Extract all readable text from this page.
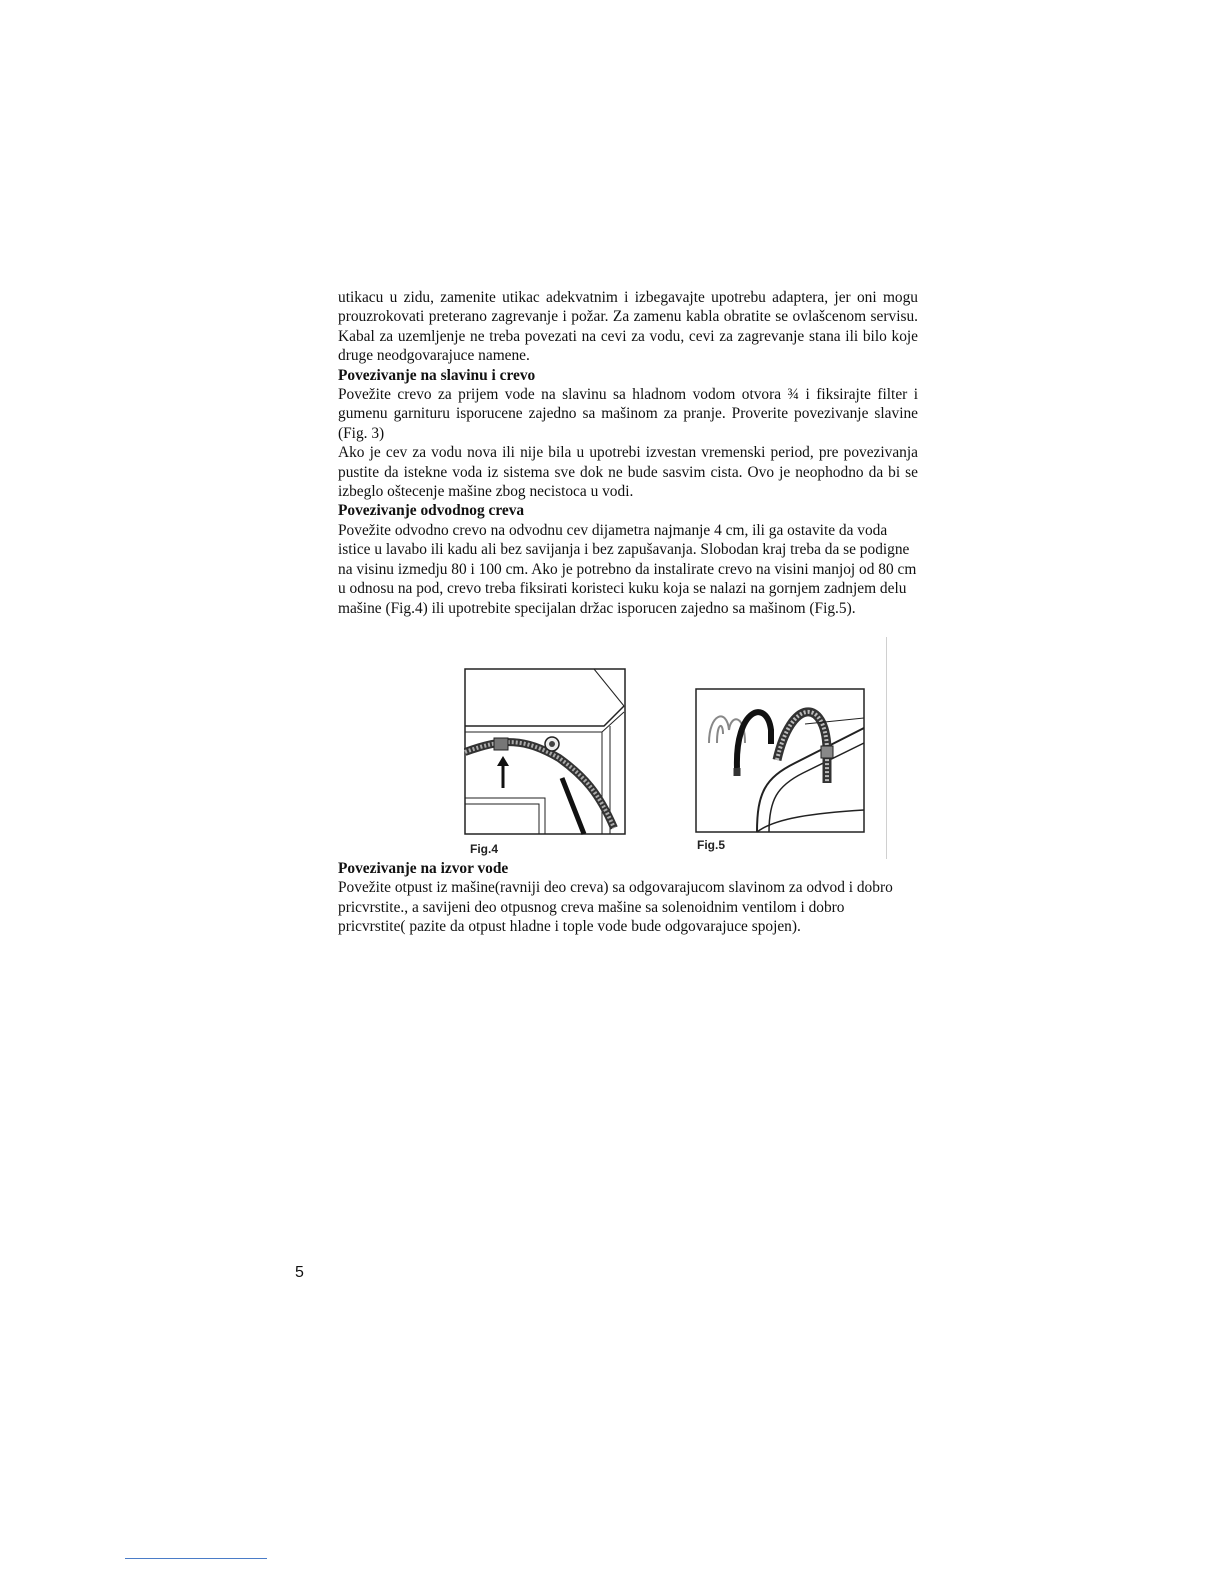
utikacu u zidu, zamenite utikac adekvatnim i izbegavajte upotrebu adaptera, jer oni mogu prouzrokovati preterano zagrevanje i požar. Za zamenu kabla obratite se ovlašcenom servisu. Kabal za uzemljenje ne treba povezati na cevi za vodu, cevi za zagrevanje stana ili bilo koje druge neodgovarajuce namene.

Povezivanje na slavinu i crevo

Povežite crevo za prijem vode na slavinu sa hladnom vodom otvora ¾ i fiksirajte filter i gumenu garnituru isporucene zajedno sa mašinom za pranje. Proverite povezivanje slavine (Fig. 3)

Ako je cev za vodu nova ili nije bila u upotrebi izvestan vremenski period, pre povezivanja pustite da istekne voda iz sistema sve dok ne bude sasvim cista. Ovo je neophodno da bi se izbeglo oštecenje mašine zbog necistoca u vodi.

Povezivanje odvodnog creva

Povežite odvodno crevo na odvodnu cev dijametra najmanje 4 cm, ili ga ostavite da voda istice u lavabo ili kadu ali bez savijanja i bez zapušavanja. Slobodan kraj treba da se podigne na visinu izmedju 80 i 100 cm. Ako je potrebno da instalirate crevo na visini manjoj od 80 cm u odnosu na pod, crevo treba fiksirati koristeci kuku koja se nalazi na gornjem zadnjem delu mašine (Fig.4) ili upotrebite specijalan držac isporucen zajedno sa mašinom (Fig.5).

Fig.4	Fig.5
Povezivanje na izvor vode

Povežite otpust iz mašine(ravniji deo creva) sa odgovarajucom slavinom za odvod i dobro pricvrstite., a savijeni deo otpusnog creva mašine sa solenoidnim ventilom i dobro pricvrstite( pazite da otpust hladne i tople vode bude odgovarajuce spojen).

5
